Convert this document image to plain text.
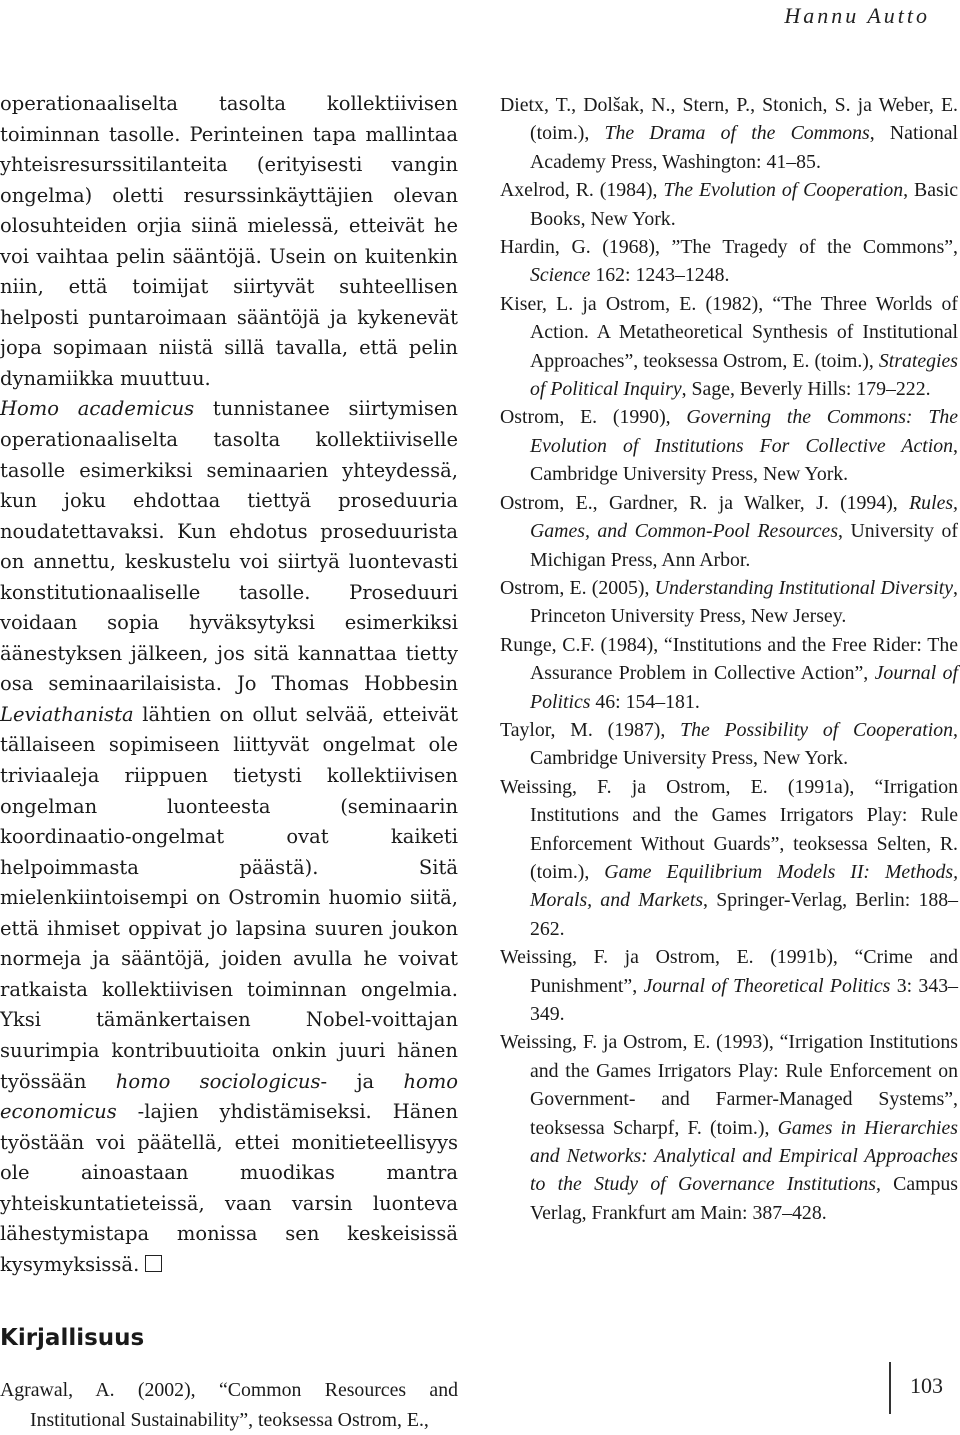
Hannu Autto

operationaaliselta tasolta kollektiivisen toiminnan tasolle. Perinteinen tapa mallintaa yhteisresurssitilanteita (erityisesti vangin ongelma) oletti resurssinkäyttäjien olevan olosuhteiden orjia siinä mielessä, etteivät he voi vaihtaa pelin sääntöjä. Usein on kuitenkin niin, että toimijat siirtyvät suhteellisen helposti puntaroimaan sääntöjä ja kykenevät jopa sopimaan niistä sillä tavalla, että pelin dynamiikka muuttuu.

Homo academicus tunnistanee siirtymisen operationaaliselta tasolta kollektiiviselle tasolle esimerkiksi seminaarien yhteydessä, kun joku ehdottaa tiettyä proseduuria noudatettavaksi. Kun ehdotus proseduurista on annettu, keskustelu voi siirtyä luontevasti konstitutionaaliselle tasolle. Proseduuri voidaan sopia hyväksytyksi esimerkiksi äänestyksen jälkeen, jos sitä kannattaa tietty osa seminaarilaisista. Jo Thomas Hobbesin Leviathanista lähtien on ollut selvää, etteivät tällaiseen sopimiseen liittyvät ongelmat ole triviaaleja riippuen tietysti kollektiivisen ongelman luonteesta (seminaarin koordinaatio-ongelmat ovat kaiketi helpoimmasta päästä). Sitä mielenkiintoisempi on Ostromin huomio siitä, että ihmiset oppivat jo lapsina suuren joukon normeja ja sääntöjä, joiden avulla he voivat ratkaista kollektiivisen toiminnan ongelmia. Yksi tämänkertaisen Nobel-voittajan suurimpia kontribuutioita onkin juuri hänen työssään homo sociologicus- ja homo economicus -lajien yhdistämiseksi. Hänen työstään voi päätellä, ettei monitieteellisyys ole ainoastaan muodikas mantra yhteiskuntatieteissä, vaan varsin luonteva lähestymistapa monissa sen keskeisissä kysymyksissä.

Kirjallisuus

Agrawal, A. (2002), “Common Resources and Institutional Sustainability”, teoksessa Ostrom, E.,

Dietx, T., Dolšak, N., Stern, P., Stonich, S. ja Weber, E. (toim.), The Drama of the Commons, National Academy Press, Washington: 41–85.

Axelrod, R. (1984), The Evolution of Cooperation, Basic Books, New York.

Hardin, G. (1968), ”The Tragedy of the Commons”, Science 162: 1243–1248.

Kiser, L. ja Ostrom, E. (1982), “The Three Worlds of Action. A Metatheoretical Synthesis of Institutional Approaches”, teoksessa Ostrom, E. (toim.), Strategies of Political Inquiry, Sage, Beverly Hills: 179–222.

Ostrom, E. (1990), Governing the Commons: The Evolution of Institutions For Collective Action, Cambridge University Press, New York.

Ostrom, E., Gardner, R. ja Walker, J. (1994), Rules, Games, and Common-Pool Resources, University of Michigan Press, Ann Arbor.

Ostrom, E. (2005), Understanding Institutional Diversity, Princeton University Press, New Jersey.

Runge, C.F. (1984), “Institutions and the Free Rider: The Assurance Problem in Collective Action”, Journal of Politics 46: 154–181.

Taylor, M. (1987), The Possibility of Cooperation, Cambridge University Press, New York.

Weissing, F. ja Ostrom, E. (1991a), “Irrigation Institutions and the Games Irrigators Play: Rule Enforcement Without Guards”, teoksessa Selten, R. (toim.), Game Equilibrium Models II: Methods, Morals, and Markets, Springer-Verlag, Berlin: 188–262.

Weissing, F. ja Ostrom, E. (1991b), “Crime and Punishment”, Journal of Theoretical Politics 3: 343–349.

Weissing, F. ja Ostrom, E. (1993), “Irrigation Institutions and the Games Irrigators Play: Rule Enforcement on Government- and Farmer-Managed Systems”, teoksessa Scharpf, F. (toim.), Games in Hierarchies and Networks: Analytical and Empirical Approaches to the Study of Governance Institutions, Campus Verlag, Frankfurt am Main: 387–428.

103
